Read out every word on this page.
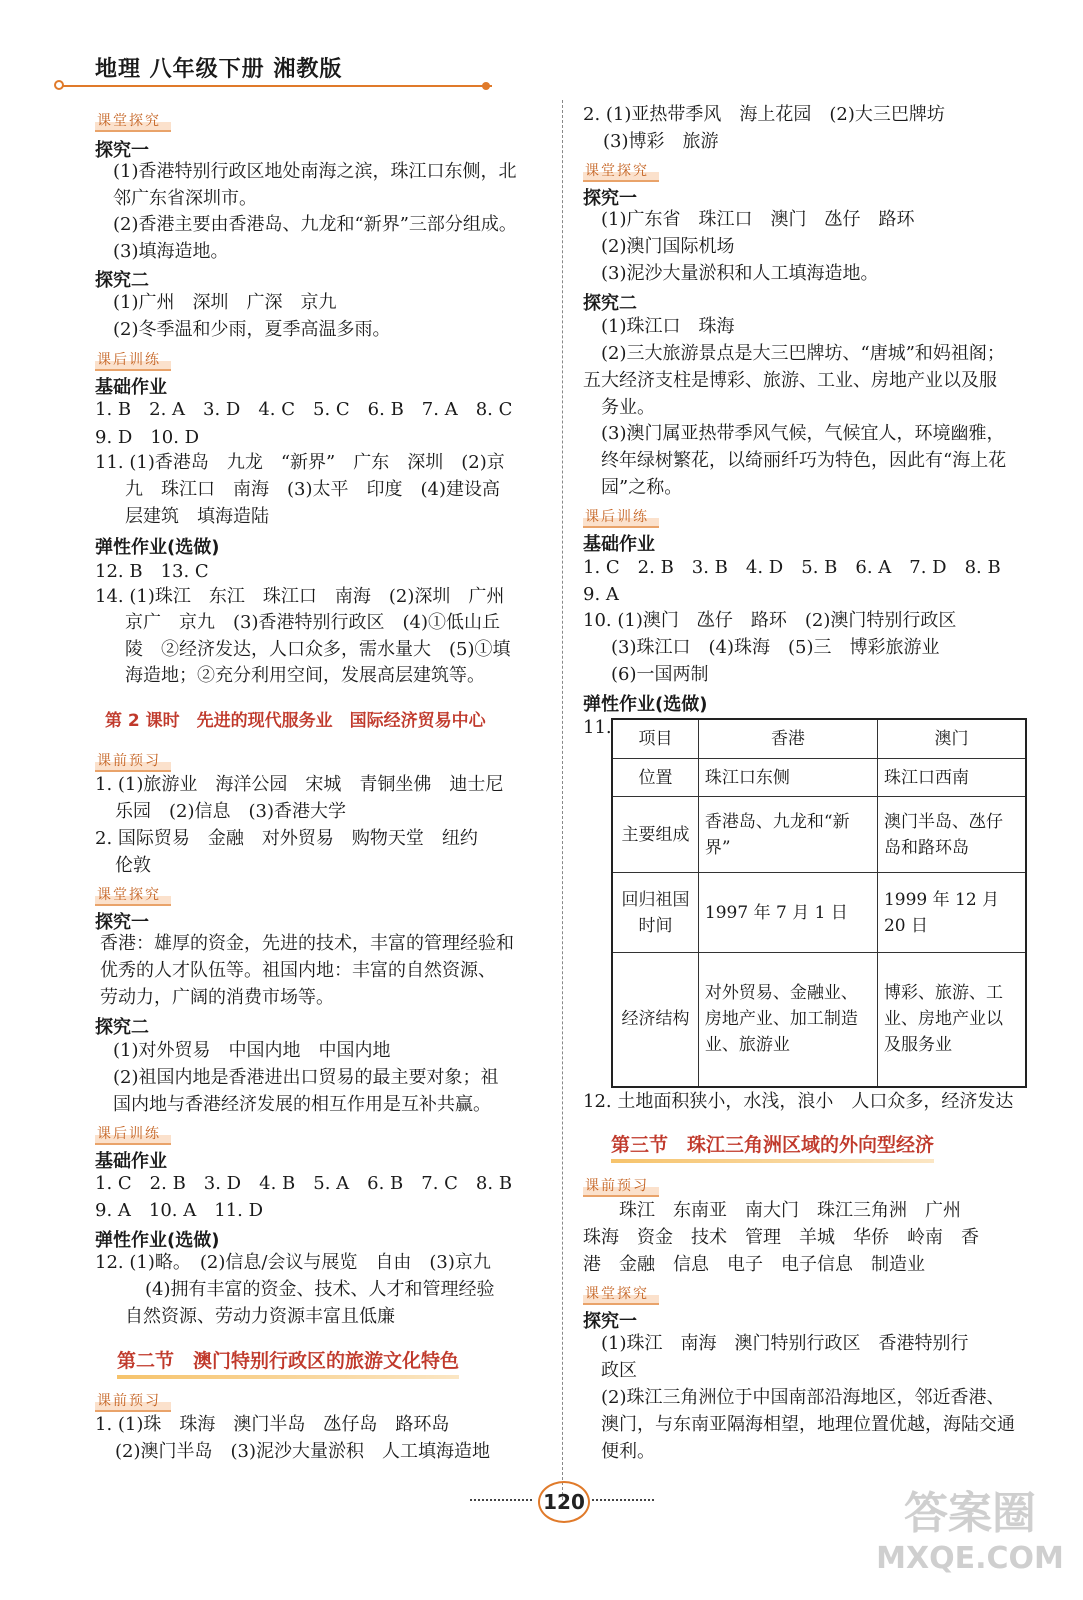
地理 八年级下册 湘教版
课堂探究
探究一
(1)香港特别行政区地处南海之滨，珠江口东侧，北
邻广东省深圳市。
(2)香港主要由香港岛、九龙和“新界”三部分组成。
(3)填海造地。
探究二
(1)广州　深圳　广深　京九
(2)冬季温和少雨，夏季高温多雨。
课后训练
基础作业
1. B　2. A　3. D　4. C　5. C　6. B　7. A　8. C
9. D　10. D
11. (1)香港岛　九龙　“新界”　广东　深圳　(2)京
九　珠江口　南海　(3)太平　印度　(4)建设高
层建筑　填海造陆
弹性作业(选做)
12. B　13. C
14. (1)珠江　东江　珠江口　南海　(2)深圳　广州
京广　京九　(3)香港特别行政区　(4)①低山丘
陵　②经济发达，人口众多，需水量大　(5)①填
海造地；②充分利用空间，发展高层建筑等。
第 2 课时　先进的现代服务业　国际经济贸易中心
课前预习
1. (1)旅游业　海洋公园　宋城　青铜坐佛　迪士尼
乐园　(2)信息　(3)香港大学
2. 国际贸易　金融　对外贸易　购物天堂　纽约
伦敦
课堂探究
探究一
香港：雄厚的资金，先进的技术，丰富的管理经验和
优秀的人才队伍等。祖国内地：丰富的自然资源、
劳动力，广阔的消费市场等。
探究二
(1)对外贸易　中国内地　中国内地
(2)祖国内地是香港进出口贸易的最主要对象；祖
国内地与香港经济发展的相互作用是互补共赢。
课后训练
基础作业
1. C　2. B　3. D　4. B　5. A　6. B　7. C　8. B
9. A　10. A　11. D
弹性作业(选做)
12. (1)略。　(2)信息/会议与展览　自由　(3)京九
(4)拥有丰富的资金、技术、人才和管理经验
自然资源、劳动力资源丰富且低廉
第二节　澳门特别行政区的旅游文化特色
课前预习
1. (1)珠　珠海　澳门半岛　氹仔岛　路环岛
(2)澳门半岛　(3)泥沙大量淤积　人工填海造地
2. (1)亚热带季风　海上花园　(2)大三巴牌坊
(3)博彩　旅游
课堂探究
探究一
(1)广东省　珠江口　澳门　氹仔　路环
(2)澳门国际机场
(3)泥沙大量淤积和人工填海造地。
探究二
(1)珠江口　珠海
(2)三大旅游景点是大三巴牌坊、“唐城”和妈祖阁；
五大经济支柱是博彩、旅游、工业、房地产业以及服
务业。
(3)澳门属亚热带季风气候，气候宜人，环境幽雅，
终年绿树繁花，以绮丽纤巧为特色，因此有“海上花
园”之称。
课后训练
基础作业
1. C　2. B　3. B　4. D　5. B　6. A　7. D　8. B
9. A
10. (1)澳门　氹仔　路环　(2)澳门特别行政区
(3)珠江口　(4)珠海　(5)三　博彩旅游业
(6)一国两制
弹性作业(选做)
11.
12. 土地面积狭小，水浅，浪小　人口众多，经济发达
第三节　珠江三角洲区域的外向型经济
课前预习
珠江　东南亚　南大门　珠江三角洲　广州
珠海　资金　技术　管理　羊城　华侨　岭南　香
港　金融　信息　电子　电子信息　制造业
课堂探究
探究一
(1)珠江　南海　澳门特别行政区　香港特别行
政区
(2)珠江三角洲位于中国南部沿海地区，邻近香港、
澳门，与东南亚隔海相望，地理位置优越，海陆交通
便利。
项目	香港	澳门
位置	珠江口东侧	珠江口西南
主要组成	香港岛、九龙和“新界”	澳门半岛、氹仔岛和路环岛
回归祖国时间	1997 年 7 月 1 日	1999 年 12 月 20 日
经济结构	对外贸易、金融业、房地产业、加工制造业、旅游业	博彩、旅游、工业、房地产业以及服务业
120	答案圈
MXQE.COM
